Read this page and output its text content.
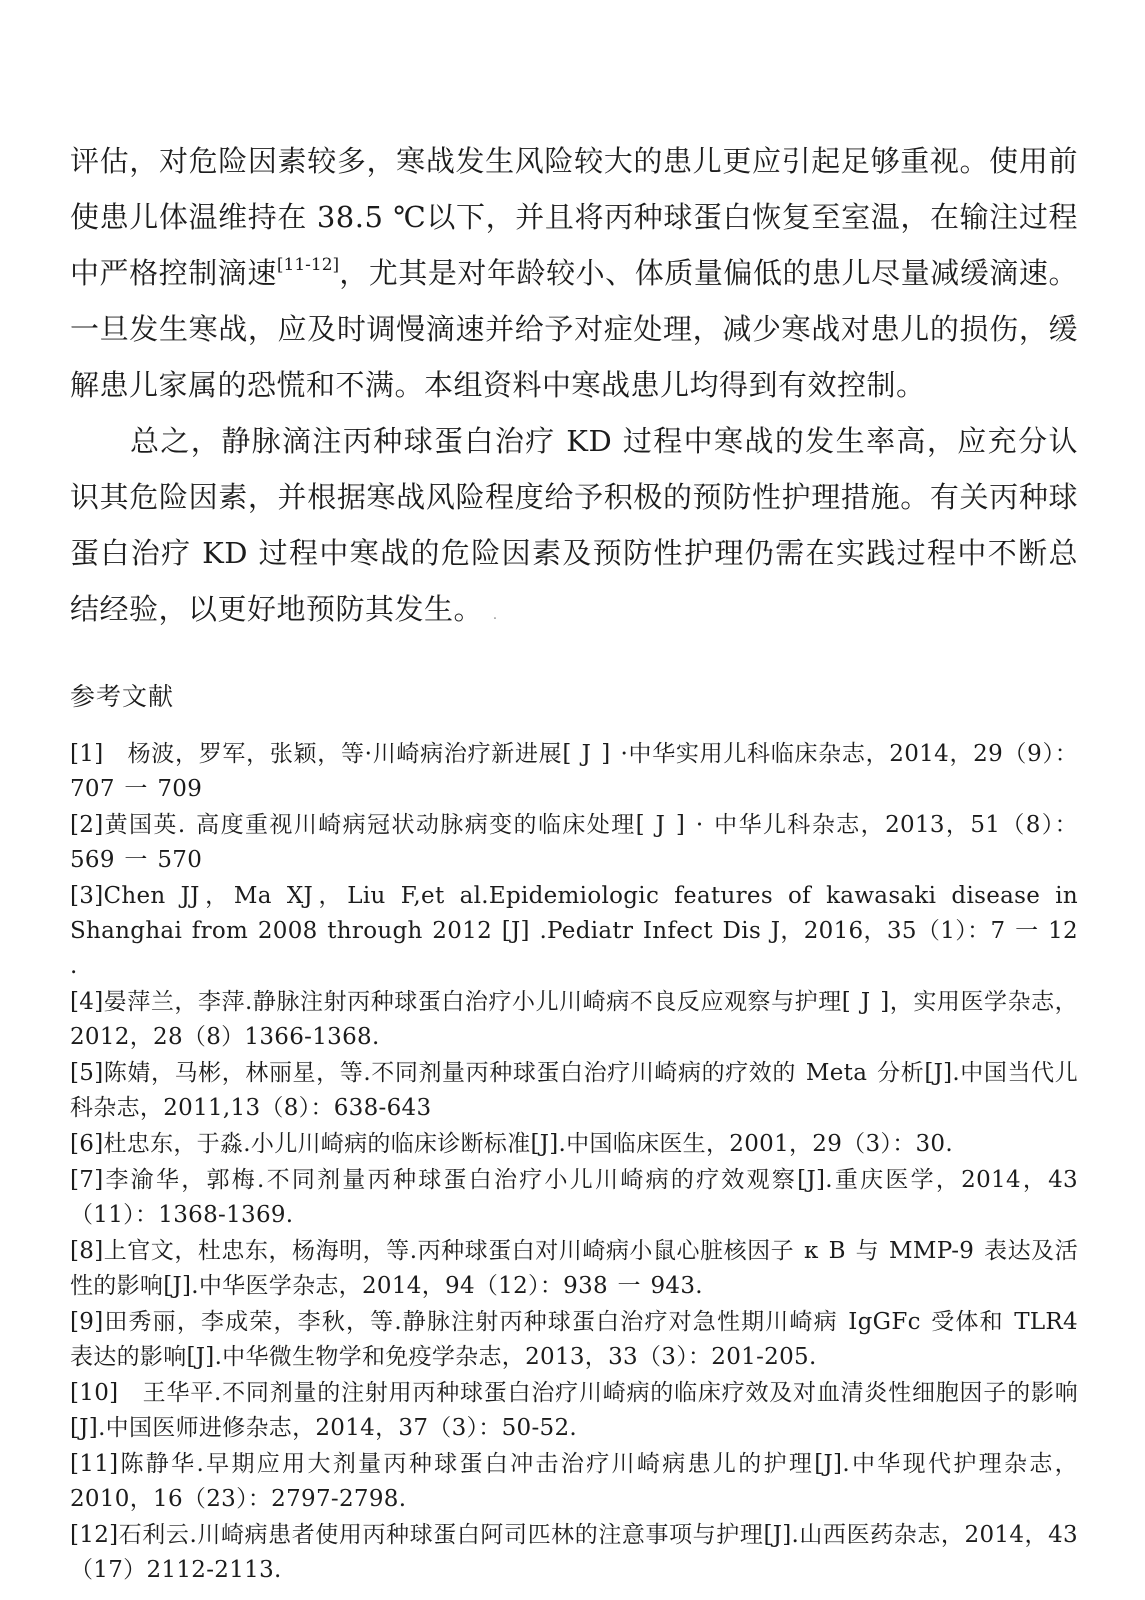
评估，对危险因素较多，寒战发生风险较大的患儿更应引起足够重视。使用前使患儿体温维持在 38.5 ℃以下，并且将丙种球蛋白恢复至室温，在输注过程中严格控制滴速[11-12]，尤其是对年龄较小、体质量偏低的患儿尽量减缓滴速。一旦发生寒战，应及时调慢滴速并给予对症处理，减少寒战对患儿的损伤，缓解患儿家属的恐慌和不满。本组资料中寒战患儿均得到有效控制。

总之，静脉滴注丙种球蛋白治疗 KD 过程中寒战的发生率高，应充分认识其危险因素，并根据寒战风险程度给予积极的预防性护理措施。有关丙种球蛋白治疗 KD 过程中寒战的危险因素及预防性护理仍需在实践过程中不断总结经验，以更好地预防其发生。 .

参考文献

[1]　杨波，罗军，张颖，等·川崎病治疗新进展[ J ] ·中华实用儿科临床杂志，2014，29（9）：707 一 709

[2]黄国英. 高度重视川崎病冠状动脉病变的临床处理[ J ] · 中华儿科杂志，2013，51（8）：569 一 570

[3]Chen JJ，Ma XJ，Liu F,et al.Epidemiologic features of kawasaki disease in Shanghai from 2008 through 2012 [J] .Pediatr Infect Dis J，2016，35（1）：7 一 12 .

[4]晏萍兰，李萍.静脉注射丙种球蛋白治疗小儿川崎病不良反应观察与护理[ J ]，实用医学杂志，2012，28（8）1366-1368.

[5]陈婧，马彬，林丽星，等.不同剂量丙种球蛋白治疗川崎病的疗效的 Meta 分析[J].中国当代儿科杂志，2011,13（8）：638-643

[6]杜忠东，于淼.小儿川崎病的临床诊断标准[J].中国临床医生，2001，29（3）：30.

[7]李渝华，郭梅.不同剂量丙种球蛋白治疗小儿川崎病的疗效观察[J].重庆医学，2014，43（11）：1368-1369.

[8]上官文，杜忠东，杨海明，等.丙种球蛋白对川崎病小鼠心脏核因子 κ B 与 MMP-9 表达及活性的影响[J].中华医学杂志，2014，94（12）：938 一 943.

[9]田秀丽，李成荣，李秋，等.静脉注射丙种球蛋白治疗对急性期川崎病 IgGFc 受体和 TLR4 表达的影响[J].中华微生物学和免疫学杂志，2013，33（3）：201-205.

[10]　王华平.不同剂量的注射用丙种球蛋白治疗川崎病的临床疗效及对血清炎性细胞因子的影响[J].中国医师进修杂志，2014，37（3）：50-52.

[11]陈静华.早期应用大剂量丙种球蛋白冲击治疗川崎病患儿的护理[J].中华现代护理杂志，2010，16（23）：2797-2798.

[12]石利云.川崎病患者使用丙种球蛋白阿司匹林的注意事项与护理[J].山西医药杂志，2014，43（17）2112-2113.
